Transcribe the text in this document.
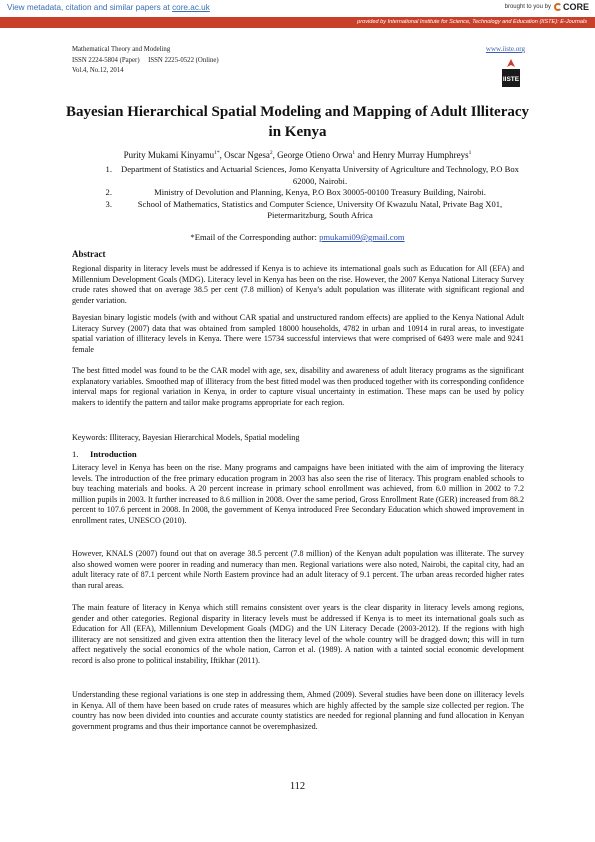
View metadata, citation and similar papers at core.ac.uk	brought to you by CORE
provided by International Institute for Science, Technology and Education (IISTE): E-Journals
Mathematical Theory and Modeling
ISSN 2224-5804 (Paper)     ISSN 2225-0522 (Online)
Vol.4, No.12, 2014
www.iiste.org
IISTE
Bayesian Hierarchical Spatial Modeling and Mapping of Adult Illiteracy in Kenya
Purity Mukami Kinyamu$^{1*}$, Oscar Ngesa$^2$, George Otieno Orwa$^1$ and Henry Murray Humphreys$^1$
1.	Department of Statistics and Actuarial Sciences, Jomo Kenyatta University of Agriculture and Technology, P.O Box 62000, Nairobi.
2.	Ministry of Devolution and Planning, Kenya, P.O Box 30005-00100 Treasury Building, Nairobi.
3.	School of Mathematics, Statistics and Computer Science, University Of Kwazulu Natal, Private Bag X01, Pietermaritzburg, South Africa
*Email of the Corresponding author: pmukami09@gmail.com
Abstract

Regional disparity in literacy levels must be addressed if Kenya is to achieve its international goals such as Education for All (EFA) and Millennium Development Goals (MDG). Literacy level in Kenya has been on the rise. However, the 2007 Kenya National Literacy Survey crude rates showed that on average 38.5 per cent (7.8 million) of Kenya’s adult population was illiterate with significant regional and gender variation.

Bayesian binary logistic models (with and without CAR spatial and unstructured random effects) are applied to the Kenya National Adult Literacy Survey (2007) data that was obtained from sampled 18000 households, 4782 in urban and 10914 in rural areas, to investigate spatial variation of illiteracy levels in Kenya. There were 15734 successful interviews that were comprised of 6493 were male and 9241 female

The best fitted model was found to be the CAR model with age, sex, disability and awareness of adult literacy programs as the significant explanatory variables. Smoothed map of illiteracy from the best fitted model was then produced together with its corresponding confidence interval maps for regional variation in Kenya, in order to capture visual uncertainty in estimation. These maps can be used by policy makers to identify the pattern and tailor make programs appropriate for each region.

Keywords: Illiteracy, Bayesian Hierarchical Models, Spatial modeling
1. Introduction

Literacy level in Kenya has been on the rise. Many programs and campaigns have been initiated with the aim of improving the literacy levels. The introduction of the free primary education program in 2003 has also seen the rise of literacy. This program enabled schools to buy teaching materials and books. A 20 percent increase in primary school enrollment was achieved, from 6.0 million in 2002 to 7.2 million pupils in 2003. It further increased to 8.6 million in 2008. Over the same period, Gross Enrollment Rate (GER) increased from 88.2 percent to 107.6 percent in 2008. In 2008, the government of Kenya introduced Free Secondary Education which showed improvement in enrollment rates, UNESCO (2010).

However, KNALS (2007) found out that on average 38.5 percent (7.8 million) of the Kenyan adult population was illiterate. The survey also showed women were poorer in reading and numeracy than men. Regional variations were also noted, Nairobi, the capital city, had an adult literacy rate of 87.1 percent while North Eastern province had an adult literacy of 9.1 percent. The urban areas recorded higher rates than rural areas.

The main feature of literacy in Kenya which still remains consistent over years is the clear disparity in literacy levels among regions, gender and other categories. Regional disparity in literacy levels must be addressed if Kenya is to meet its international goals such as Education for All (EFA), Millennium Development Goals (MDG) and the UN Literacy Decade (2003-2012). If the regions with high illiteracy are not sensitized and given extra attention then the literacy level of the whole country will be dragged down; this will in turn affect negatively the social economics of the whole nation, Carron et al. (1989). A nation with a tainted social economic development record is also prone to political instability, Iftikhar (2011).

Understanding these regional variations is one step in addressing them, Ahmed (2009). Several studies have been done on illiteracy levels in Kenya. All of them have been based on crude rates of measures which are highly affected by the sample size collected per region. The country has now been divided into counties and accurate county statistics are needed for regional planning and fund allocation in Kenyan government programs and thus their importance cannot be overemphasized.

112
